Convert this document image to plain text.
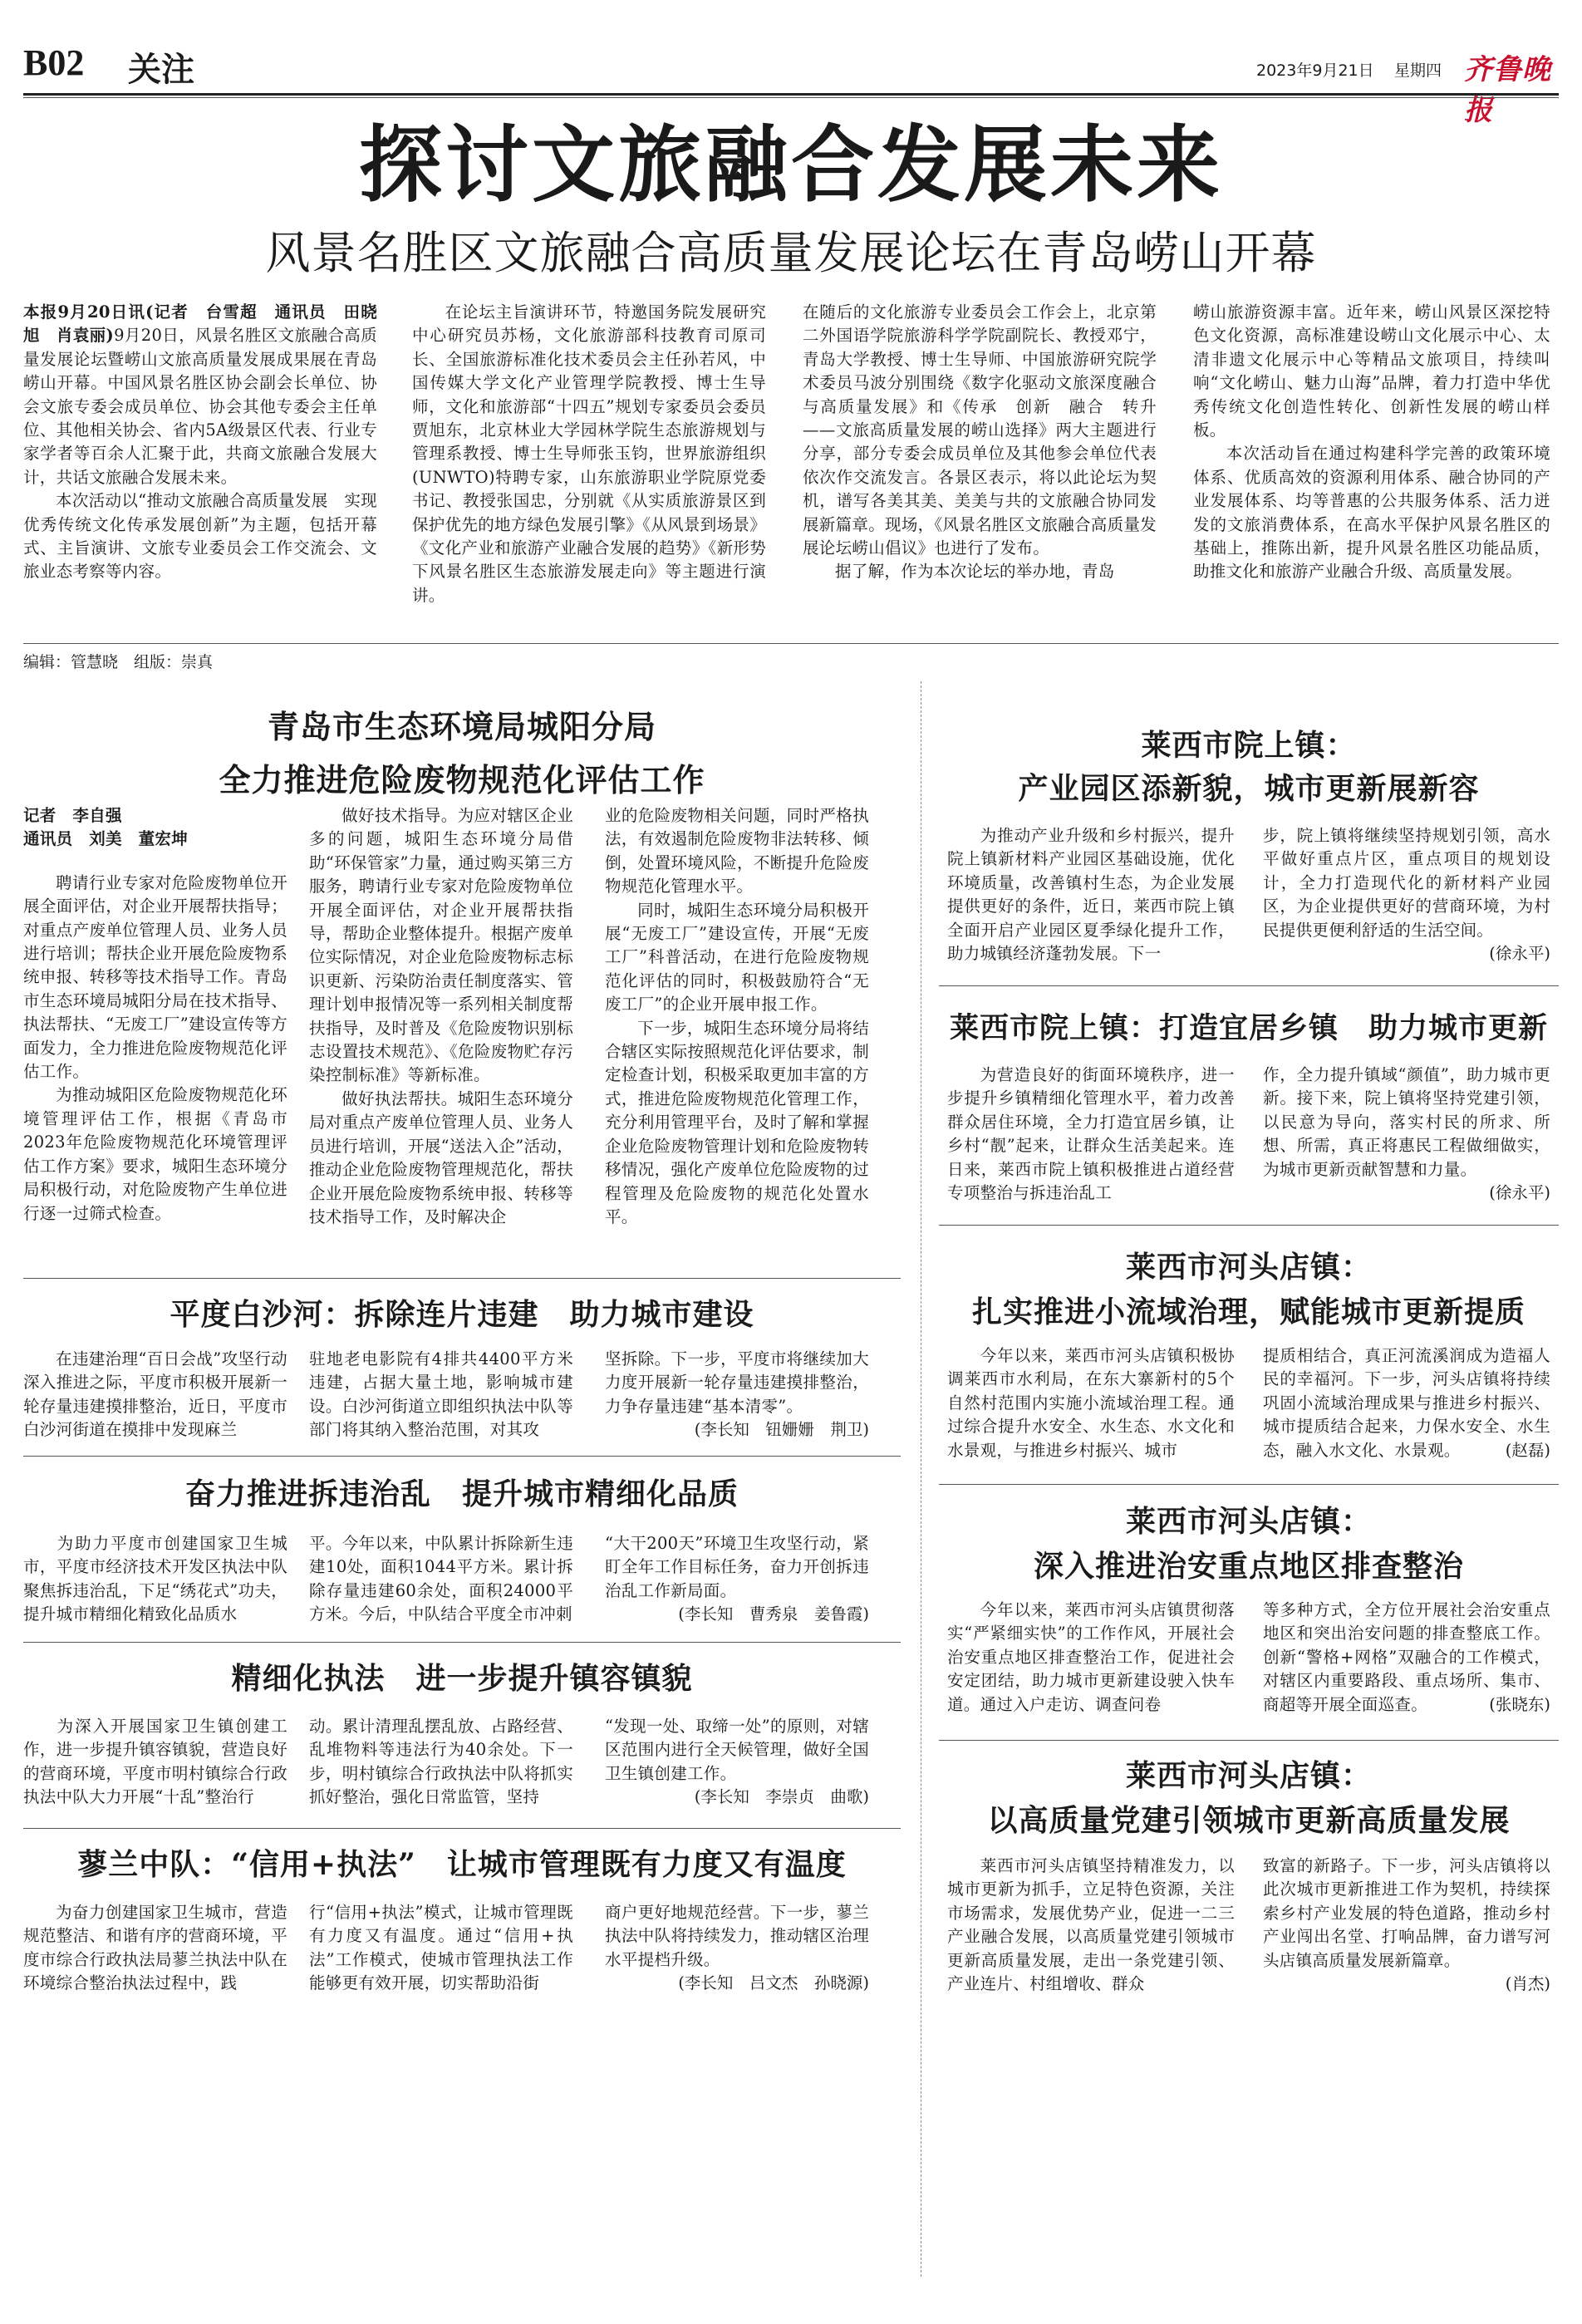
B02 关注	2023年9月21日 星期四 齐鲁晚报
探讨文旅融合发展未来
风景名胜区文旅融合高质量发展论坛在青岛崂山开幕

本报9月20日讯(记者　台雪超　通讯员　田晓旭　肖袁丽)9月20日，风景名胜区文旅融合高质量发展论坛暨崂山文旅高质量发展成果展在青岛崂山开幕。中国风景名胜区协会副会长单位、协会文旅专委会成员单位、协会其他专委会主任单位、其他相关协会、省内5A级景区代表、行业专家学者等百余人汇聚于此，共商文旅融合发展大计，共话文旅融合发展未来。

本次活动以“推动文旅融合高质量发展　实现优秀传统文化传承发展创新”为主题，包括开幕式、主旨演讲、文旅专业委员会工作交流会、文旅业态考察等内容。

在论坛主旨演讲环节，特邀国务院发展研究中心研究员苏杨，文化旅游部科技教育司原司长、全国旅游标准化技术委员会主任孙若风，中国传媒大学文化产业管理学院教授、博士生导师，文化和旅游部“十四五”规划专家委员会委员贾旭东，北京林业大学园林学院生态旅游规划与管理系教授、博士生导师张玉钧，世界旅游组织(UNWTO)特聘专家，山东旅游职业学院原党委书记、教授张国忠，分别就《从实质旅游景区到保护优先的地方绿色发展引擎》《从风景到场景》《文化产业和旅游产业融合发展的趋势》《新形势下风景名胜区生态旅游发展走向》等主题进行演讲。

在随后的文化旅游专业委员会工作会上，北京第二外国语学院旅游科学学院副院长、教授邓宁，青岛大学教授、博士生导师、中国旅游研究院学术委员马波分别围绕《数字化驱动文旅深度融合与高质量发展》和《传承　创新　融合　转升——文旅高质量发展的崂山选择》两大主题进行分享，部分专委会成员单位及其他参会单位代表依次作交流发言。各景区表示，将以此论坛为契机，谱写各美其美、美美与共的文旅融合协同发展新篇章。现场，《风景名胜区文旅融合高质量发展论坛崂山倡议》也进行了发布。

据了解，作为本次论坛的举办地，青岛

崂山旅游资源丰富。近年来，崂山风景区深挖特色文化资源，高标准建设崂山文化展示中心、太清非遗文化展示中心等精品文旅项目，持续叫响“文化崂山、魅力山海”品牌，着力打造中华优秀传统文化创造性转化、创新性发展的崂山样板。

本次活动旨在通过构建科学完善的政策环境体系、优质高效的资源利用体系、融合协同的产业发展体系、均等普惠的公共服务体系、活力迸发的文旅消费体系，在高水平保护风景名胜区的基础上，推陈出新，提升风景名胜区功能品质，助推文化和旅游产业融合升级、高质量发展。

编辑：管慧晓　组版：崇真
青岛市生态环境局城阳分局
全力推进危险废物规范化评估工作

记者　李自强

通讯员　刘美　董宏坤

聘请行业专家对危险废物单位开展全面评估，对企业开展帮扶指导；对重点产废单位管理人员、业务人员进行培训；帮扶企业开展危险废物系统申报、转移等技术指导工作。青岛市生态环境局城阳分局在技术指导、执法帮扶、“无废工厂”建设宣传等方面发力，全力推进危险废物规范化评估工作。

为推动城阳区危险废物规范化环境管理评估工作，根据《青岛市2023年危险废物规范化环境管理评估工作方案》要求，城阳生态环境分局积极行动，对危险废物产生单位进行逐一过筛式检查。

做好技术指导。为应对辖区企业多的问题，城阳生态环境分局借助“环保管家”力量，通过购买第三方服务，聘请行业专家对危险废物单位开展全面评估，对企业开展帮扶指导，帮助企业整体提升。根据产废单位实际情况，对企业危险废物标志标识更新、污染防治责任制度落实、管理计划申报情况等一系列相关制度帮扶指导，及时普及《危险废物识别标志设置技术规范》、《危险废物贮存污染控制标准》等新标准。

做好执法帮扶。城阳生态环境分局对重点产废单位管理人员、业务人员进行培训，开展“送法入企”活动，推动企业危险废物管理规范化，帮扶企业开展危险废物系统申报、转移等技术指导工作，及时解决企

业的危险废物相关问题，同时严格执法，有效遏制危险废物非法转移、倾倒，处置环境风险，不断提升危险废物规范化管理水平。

同时，城阳生态环境分局积极开展“无废工厂”建设宣传，开展“无废工厂”科普活动，在进行危险废物规范化评估的同时，积极鼓励符合“无废工厂”的企业开展申报工作。

下一步，城阳生态环境分局将结合辖区实际按照规范化评估要求，制定检查计划，积极采取更加丰富的方式，推进危险废物规范化管理工作，充分利用管理平台，及时了解和掌握企业危险废物管理计划和危险废物转移情况，强化产废单位危险废物的过程管理及危险废物的规范化处置水平。

平度白沙河：拆除连片违建　助力城市建设

在违建治理“百日会战”攻坚行动深入推进之际，平度市积极开展新一轮存量违建摸排整治，近日，平度市白沙河街道在摸排中发现麻兰

驻地老电影院有4排共4400平方米违建，占据大量土地，影响城市建设。白沙河街道立即组织执法中队等部门将其纳入整治范围，对其攻

坚拆除。下一步，平度市将继续加大力度开展新一轮存量违建摸排整治，力争存量违建“基本清零”。

(李长知　钮姗姗　荆卫)

奋力推进拆违治乱　提升城市精细化品质

为助力平度市创建国家卫生城市，平度市经济技术开发区执法中队聚焦拆违治乱，下足“绣花式”功夫，提升城市精细化精致化品质水

平。今年以来，中队累计拆除新生违建10处，面积1044平方米。累计拆除存量违建60余处，面积24000平方米。今后，中队结合平度全市冲刺

“大干200天”环境卫生攻坚行动，紧盯全年工作目标任务，奋力开创拆违治乱工作新局面。

(李长知　曹秀泉　姜鲁霞)

精细化执法　进一步提升镇容镇貌

为深入开展国家卫生镇创建工作，进一步提升镇容镇貌，营造良好的营商环境，平度市明村镇综合行政执法中队大力开展“十乱”整治行

动。累计清理乱摆乱放、占路经营、乱堆物料等违法行为40余处。下一步，明村镇综合行政执法中队将抓实抓好整治，强化日常监管，坚持

“发现一处、取缔一处”的原则，对辖区范围内进行全天候管理，做好全国卫生镇创建工作。

(李长知　李崇贞　曲歌)

蓼兰中队：“信用+执法”　让城市管理既有力度又有温度

为奋力创建国家卫生城市，营造规范整洁、和谐有序的营商环境，平度市综合行政执法局蓼兰执法中队在环境综合整治执法过程中，践

行“信用+执法”模式，让城市管理既有力度又有温度。通过“信用+执法”工作模式，使城市管理执法工作能够更有效开展，切实帮助沿街

商户更好地规范经营。下一步，蓼兰执法中队将持续发力，推动辖区治理水平提档升级。

(李长知　吕文杰　孙晓源)

莱西市院上镇：
产业园区添新貌，城市更新展新容

为推动产业升级和乡村振兴，提升院上镇新材料产业园区基础设施，优化环境质量，改善镇村生态，为企业发展提供更好的条件，近日，莱西市院上镇全面开启产业园区夏季绿化提升工作，助力城镇经济蓬勃发展。下一

步，院上镇将继续坚持规划引领，高水平做好重点片区，重点项目的规划设计，全力打造现代化的新材料产业园区，为企业提供更好的营商环境，为村民提供更便利舒适的生活空间。

(徐永平)

莱西市院上镇：打造宜居乡镇　助力城市更新

为营造良好的街面环境秩序，进一步提升乡镇精细化管理水平，着力改善群众居住环境，全力打造宜居乡镇，让乡村“靓”起来，让群众生活美起来。连日来，莱西市院上镇积极推进占道经营专项整治与拆违治乱工

作，全力提升镇域“颜值”，助力城市更新。接下来，院上镇将坚持党建引领，以民意为导向，落实村民的所求、所想、所需，真正将惠民工程做细做实，为城市更新贡献智慧和力量。

(徐永平)

莱西市河头店镇：
扎实推进小流域治理，赋能城市更新提质

今年以来，莱西市河头店镇积极协调莱西市水利局，在东大寨新村的5个自然村范围内实施小流域治理工程。通过综合提升水安全、水生态、水文化和水景观，与推进乡村振兴、城市

提质相结合，真正河流溪润成为造福人民的幸福河。下一步，河头店镇将持续巩固小流域治理成果与推进乡村振兴、城市提质结合起来，力保水安全、水生态，融入水文化、水景观。	(赵磊)

莱西市河头店镇：
深入推进治安重点地区排查整治

今年以来，莱西市河头店镇贯彻落实“严紧细实快”的工作作风，开展社会治安重点地区排查整治工作，促进社会安定团结，助力城市更新建设驶入快车道。通过入户走访、调查问卷

等多种方式，全方位开展社会治安重点地区和突出治安问题的排查整底工作。创新“警格+网格”双融合的工作模式，对辖区内重要路段、重点场所、集市、商超等开展全面巡查。	(张晓东)

莱西市河头店镇：
以高质量党建引领城市更新高质量发展

莱西市河头店镇坚持精准发力，以城市更新为抓手，立足特色资源，关注市场需求，发展优势产业，促进一二三产业融合发展，以高质量党建引领城市更新高质量发展，走出一条党建引领、产业连片、村组增收、群众

致富的新路子。下一步，河头店镇将以此次城市更新推进工作为契机，持续探索乡村产业发展的特色道路，推动乡村产业闯出名堂、打响品牌，奋力谱写河头店镇高质量发展新篇章。

(肖杰)
